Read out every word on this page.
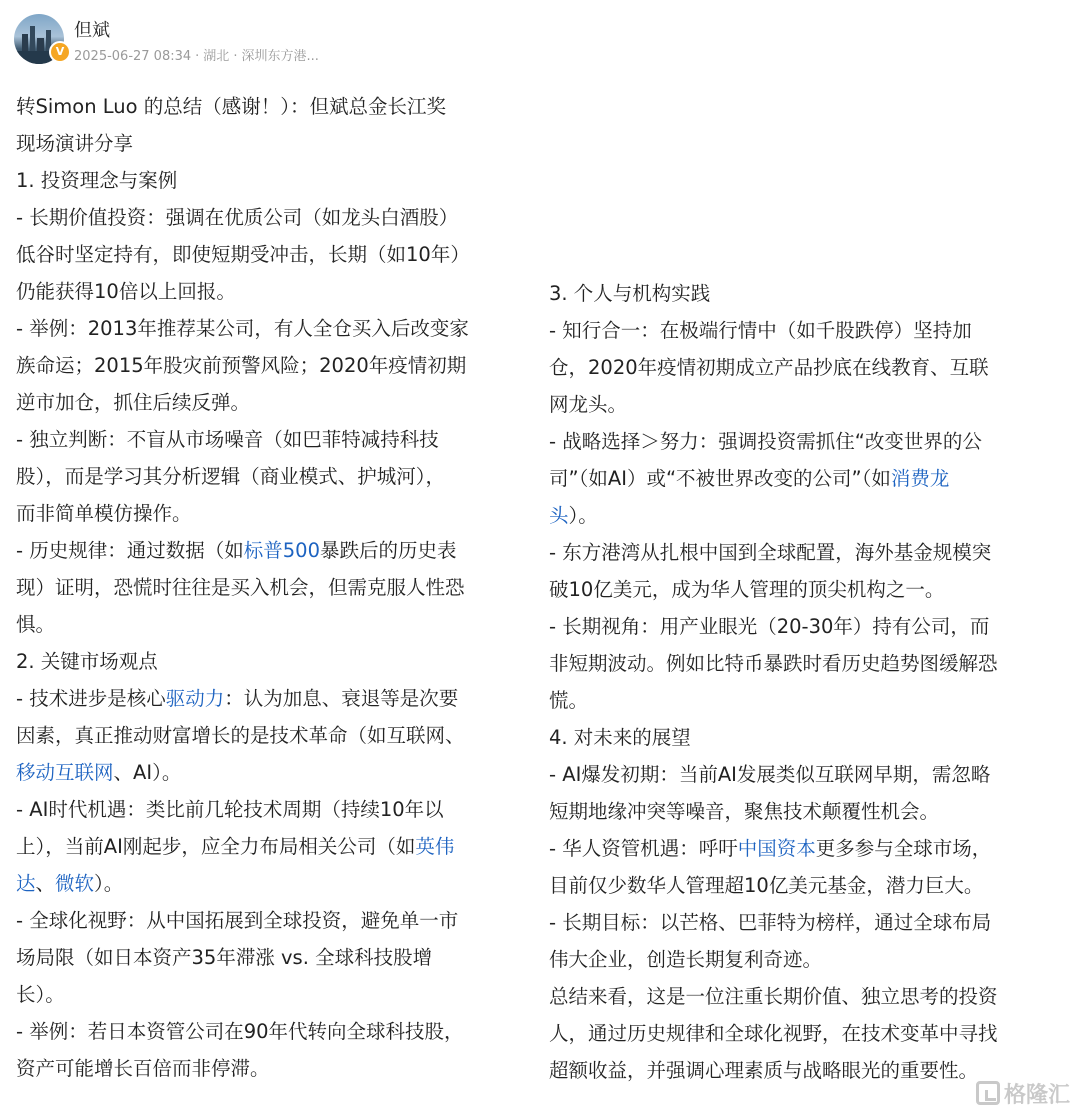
V
但斌
2025-06-27 08:34 · 湖北 · 深圳东方港...

转Simon Luo 的总结（感谢！）：但斌总金长江奖

现场演讲分享

1. 投资理念与案例

- 长期价值投资：强调在优质公司（如龙头白酒股）

低谷时坚定持有，即使短期受冲击，长期（如10年）

仍能获得10倍以上回报。

- 举例：2013年推荐某公司，有人全仓买入后改变家

族命运；2015年股灾前预警风险；2020年疫情初期

逆市加仓，抓住后续反弹。

- 独立判断：不盲从市场噪音（如巴菲特减持科技

股），而是学习其分析逻辑（商业模式、护城河），

而非简单模仿操作。

- 历史规律：通过数据（如标普500暴跌后的历史表

现）证明，恐慌时往往是买入机会，但需克服人性恐

惧。

2. 关键市场观点

- 技术进步是核心驱动力：认为加息、衰退等是次要

因素，真正推动财富增长的是技术革命（如互联网、

移动互联网、AI）。

- AI时代机遇：类比前几轮技术周期（持续10年以

上），当前AI刚起步，应全力布局相关公司（如英伟

达、微软）。

- 全球化视野：从中国拓展到全球投资，避免单一市

场局限（如日本资产35年滞涨 vs. 全球科技股增

长）。

- 举例：若日本资管公司在90年代转向全球科技股，

资产可能增长百倍而非停滞。

3. 个人与机构实践

- 知行合一：在极端行情中（如千股跌停）坚持加

仓，2020年疫情初期成立产品抄底在线教育、互联

网龙头。

- 战略选择＞努力：强调投资需抓住“改变世界的公

司”（如AI）或“不被世界改变的公司”（如消费龙

头）。

- 东方港湾从扎根中国到全球配置，海外基金规模突

破10亿美元，成为华人管理的顶尖机构之一。

- 长期视角：用产业眼光（20-30年）持有公司，而

非短期波动。例如比特币暴跌时看历史趋势图缓解恐

慌。

4. 对未来的展望

- AI爆发初期：当前AI发展类似互联网早期，需忽略

短期地缘冲突等噪音，聚焦技术颠覆性机会。

- 华人资管机遇：呼吁中国资本更多参与全球市场，

目前仅少数华人管理超10亿美元基金，潜力巨大。

- 长期目标：以芒格、巴菲特为榜样，通过全球布局

伟大企业，创造长期复利奇迹。

总结来看，这是一位注重长期价值、独立思考的投资

人，通过历史规律和全球化视野，在技术变革中寻找

超额收益，并强调心理素质与战略眼光的重要性。

格隆汇
